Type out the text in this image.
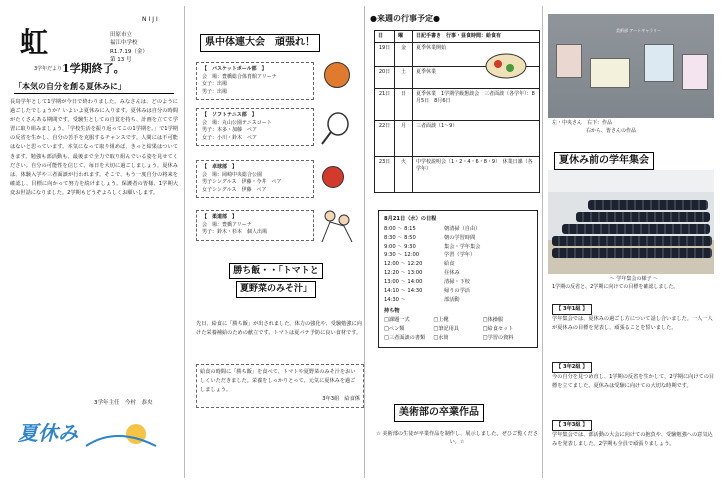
NIJI
虹	田原市立
福江中学校
R1.7.19（金）
第 13 号
3学年だより 1学期終了。
「本気の自分を創る夏休みに」
長鳥学年として1学期が今日で終わりました。みなさんは、どのように過ごしたでしょうか？いよいよ夏休みに入ります。夏休みは自分の時間がたくさんある期間です。受験生としての自覚を持ち、計画を立てて学習に取り組みましょう。「学校生活を振り返ってこの1学期を。」で1学期の反省を生かし、自分の苦手を克服するチャンスです。人間には不可能はないと思っています。本気になって取り組めば、きっと結果はついてきます。勉強も部活動も、最後まで全力で取り組んでいる姿を見せてください。自分の可能性を信じて、毎日を大切に過ごしましょう。夏休みは、体験入学や三者面談が行われます。そこで、もう一度自分の将来を確認し、目標に向かって努力を続けましょう。保護者の皆様、1学期大変お世話になりました。2学期もどうぞよろしくお願いします。
3学年主任　今村　恭央
夏休み
県中体連大会　頑張れ！
【　バスケットボール部　】
会　場：豊橋総合体育館アリーナ
女子：出場
男子：出場
【　ソフトテニス部　】
会　場：丸山公園テニスコート
男子：本多・加藤　ペア
女子：小川・鈴木　ペア
【　卓球部　】
会　場：岡崎中央総合公園
男子シングルス　伊藤・今井　ペア
女子シングルス　伊藤　ペア
【　柔道部　】
会　場：豊橋アリーナ
男子：鈴木・杉本　個人出場
勝ち飯・・「トマトと
夏野菜のみそ汁」
先日、給食に「勝ち飯」が出されました。体力の強化や、受験勉強に向けた栄養補給のための献立です。トマトは夏バテ予防に良い食材です。
給食の時間に「勝ち飯」を食べて、トマトや夏野菜のみそ汁をおいしくいただきました。栄養をしっかりとって、元気に夏休みを過ごしましょう。
3年3組　給食係
●来週の行事予定●
日	曜	日記手書き　行事・昼食時間：給食有
19日	金	夏季休業開始
20日	土	夏季休業
21日	日	夏季休業　1学期学級懇談会　三者面談（各学年）：8月5日　8月6日
22日	月	三者面談（1～9）
23日	火	中学校説明会（1・2・4・6・8・9）　休業日課（各学年）
8月21日（水）の日程
8:00 ～ 8:15	朝清掃（自由）
8:30 ～ 8:50	朝の学習時間
9:00 ～ 9:30	集会・学年集会
9:30 ～ 12:00	学習（学年）
12:00 ～ 12:20	給食
12:20 ～ 13:00	昼休み
13:00 ～ 14:00	清掃・下校
14:10 ～ 14:30	帰りの学活
14:30 ～	部活動
持ち物
□課題一式	□上靴	□体操服
□ペン類	□筆記用具	□給食セット
□三者面談の書類	□水筒	□学習の資料
美術部の卒業作品
☆ 美術部の生徒が卒業作品を制作し、展示しました。ぜひご覧ください。☆
美術部 アートギャラリー
左・中央さん　右下：作品
右から、皆さんの作品
夏休み前の学年集会
～ 学年集会の様子 ～
1学期の反省と、2学期に向けての目標を確認しました。
【 3年1組 】
学年集会では、夏休みの過ごし方について話し合いました。一人一人が夏休みの目標を発表し、頑張ることを誓いました。
【 3年2組 】
今の自分を見つめ直し、1学期の反省を生かして、2学期に向けての目標を立てました。夏休みは受験に向けての大切な時期です。
【 3年3組 】
学年集会では、部活動の大会に向けての抱負や、受験勉強への意気込みを発表しました。2学期も全員で頑張りましょう。
